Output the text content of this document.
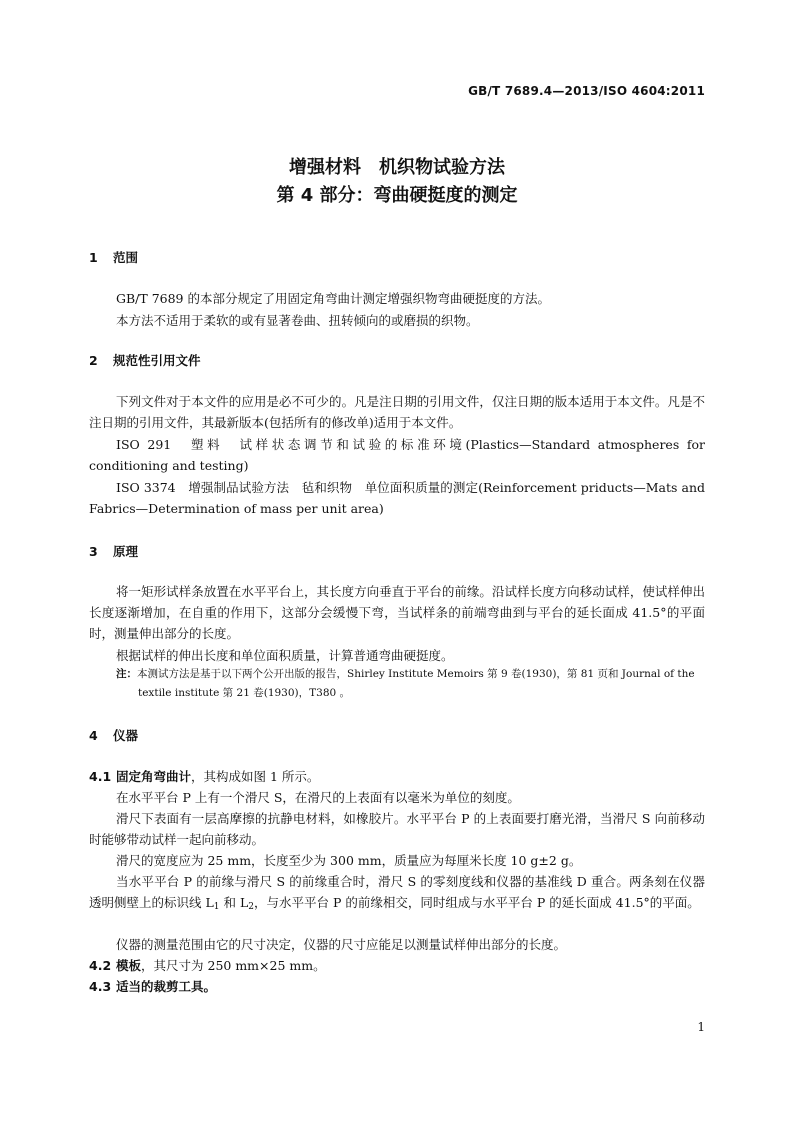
GB/T 7689.4—2013/ISO 4604:2011
增强材料　机织物试验方法
第 4 部分：弯曲硬挺度的测定
1 范围
GB/T 7689 的本部分规定了用固定角弯曲计测定增强织物弯曲硬挺度的方法。
本方法不适用于柔软的或有显著卷曲、扭转倾向的或磨损的织物。
2 规范性引用文件
下列文件对于本文件的应用是必不可少的。凡是注日期的引用文件，仅注日期的版本适用于本文件。凡是不注日期的引用文件，其最新版本(包括所有的修改单)适用于本文件。
ISO 291　塑料　试样状态调节和试验的标准环境(Plastics—Standard atmospheres for conditioning and testing)
ISO 3374　增强制品试验方法　毡和织物　单位面积质量的测定(Reinforcement priducts—Mats and Fabrics—Determination of mass per unit area)
3 原理
将一矩形试样条放置在水平平台上，其长度方向垂直于平台的前缘。沿试样长度方向移动试样，使试样伸出长度逐渐增加，在自重的作用下，这部分会缓慢下弯，当试样条的前端弯曲到与平台的延长面成 41.5°的平面时，测量伸出部分的长度。
根据试样的伸出长度和单位面积质量，计算普通弯曲硬挺度。
注：本测试方法是基于以下两个公开出版的报告，Shirley Institute Memoirs 第 9 卷(1930)，第 81 页和 Journal of the
textile institute 第 21 卷(1930)，T380 。
4 仪器
4.1 固定角弯曲计，其构成如图 1 所示。
在水平平台 P 上有一个滑尺 S，在滑尺的上表面有以毫米为单位的刻度。
滑尺下表面有一层高摩擦的抗静电材料，如橡胶片。水平平台 P 的上表面要打磨光滑，当滑尺 S 向前移动时能够带动试样一起向前移动。
滑尺的宽度应为 25 mm，长度至少为 300 mm，质量应为每厘米长度 10 g±2 g。
当水平平台 P 的前缘与滑尺 S 的前缘重合时，滑尺 S 的零刻度线和仪器的基准线 D 重合。两条刻在仪器透明侧壁上的标识线 $L_1$ 和 $L_2$，与水平平台 P 的前缘相交，同时组成与水平平台 P 的延长面成 41.5°的平面。
仪器的测量范围由它的尺寸决定，仪器的尺寸应能足以测量试样伸出部分的长度。
4.2 模板，其尺寸为 250 mm×25 mm。
4.3 适当的裁剪工具。
1
